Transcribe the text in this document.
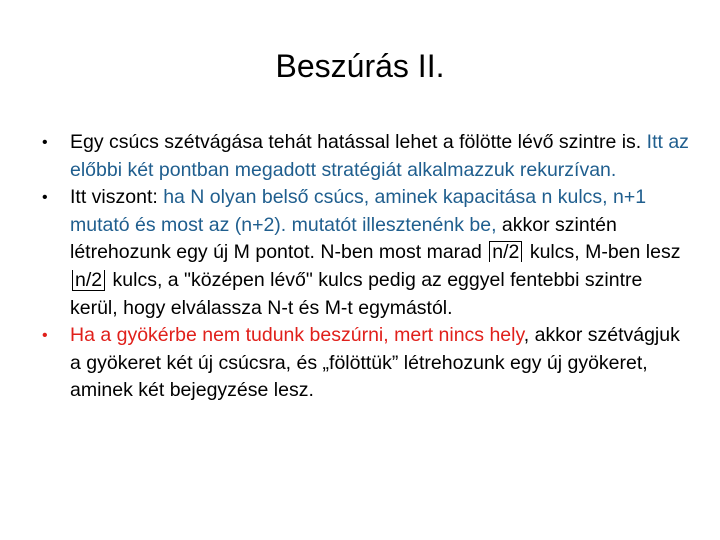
Beszúrás II.
• Egy csúcs szétvágása tehát hatással lehet a fölötte lévő szintre is. Itt az előbbi két pontban megadott stratégiát alkalmazzuk rekurzívan.
• Itt viszont: ha N olyan belső csúcs, aminek kapacitása n kulcs, n+1 mutató és most az (n+2). mutatót illesztenénk be, akkor szintén létrehozunk egy új M pontot. N-ben most marad n/2 kulcs, M-ben lesz n/2 kulcs, a "középen lévő" kulcs pedig az eggyel fentebbi szintre kerül, hogy elválassza N-t és M-t egymástól.
• Ha a gyökérbe nem tudunk beszúrni, mert nincs hely, akkor szétvágjuk a gyökeret két új csúcsra, és „fölöttük” létrehozunk egy új gyökeret, aminek két bejegyzése lesz.
